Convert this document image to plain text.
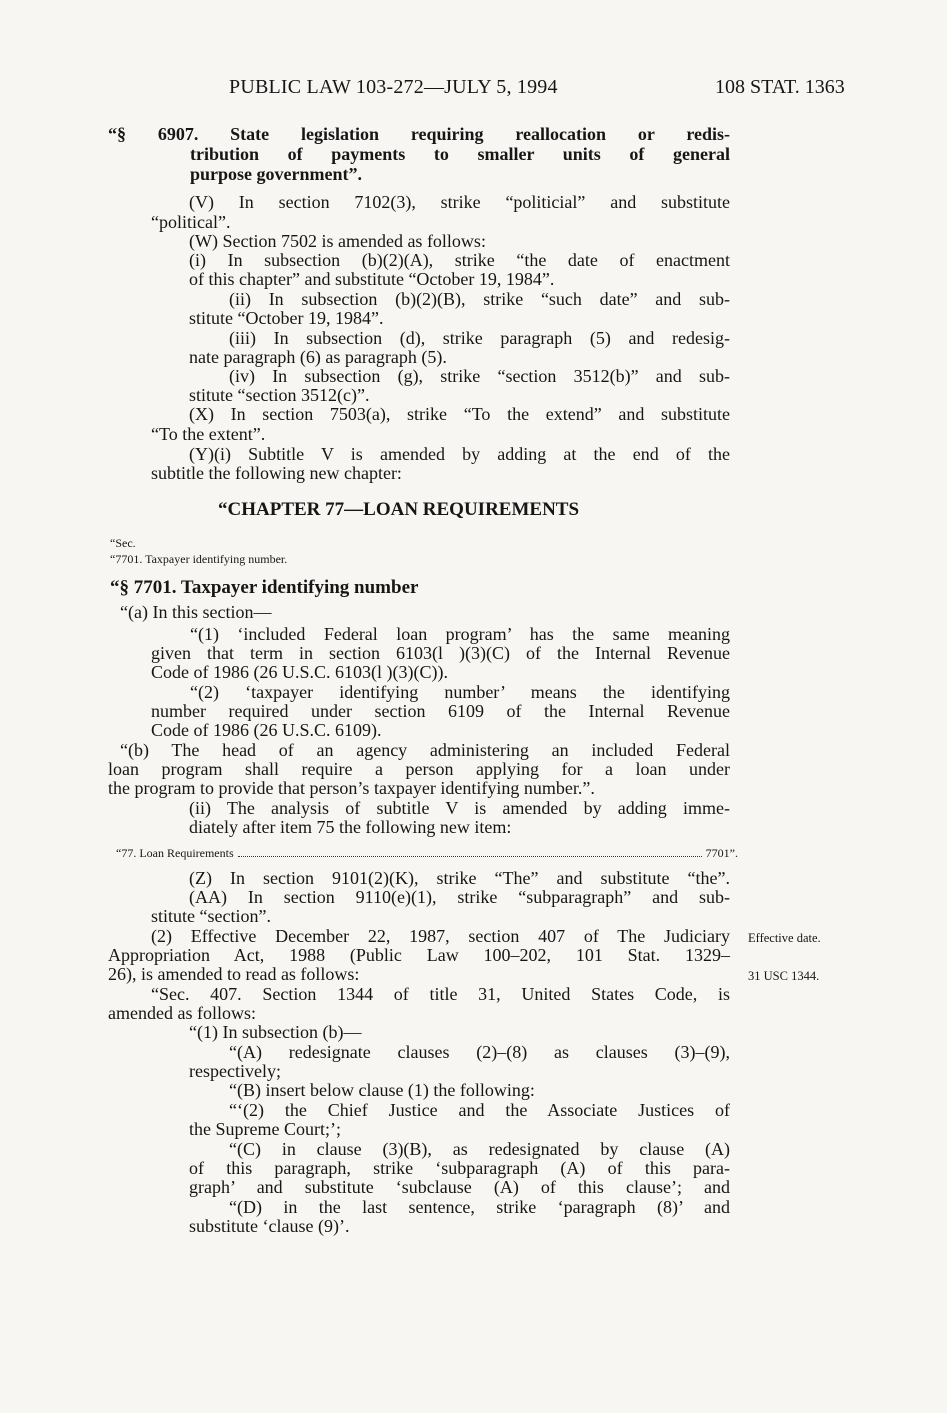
PUBLIC LAW 103-272—JULY 5, 1994	108 STAT. 1363
“§ 6907. State legislation requiring reallocation or redis-
tribution of payments to smaller units of general
purpose government”.
(V) In section 7102(3), strike “politicial” and substitute
“political”.
(W) Section 7502 is amended as follows:
(i) In subsection (b)(2)(A), strike “the date of enactment
of this chapter” and substitute “October 19, 1984”.
(ii) In subsection (b)(2)(B), strike “such date” and sub-
stitute “October 19, 1984”.
(iii) In subsection (d), strike paragraph (5) and redesig-
nate paragraph (6) as paragraph (5).
(iv) In subsection (g), strike “section 3512(b)” and sub-
stitute “section 3512(c)”.
(X) In section 7503(a), strike “To the extend” and substitute
“To the extent”.
(Y)(i) Subtitle V is amended by adding at the end of the
subtitle the following new chapter:
“CHAPTER 77—LOAN REQUIREMENTS
“Sec.
“7701. Taxpayer identifying number.
“§ 7701. Taxpayer identifying number
“(a) In this section—
“(1) ‘included Federal loan program’ has the same meaning
given that term in section 6103(l )(3)(C) of the Internal Revenue
Code of 1986 (26 U.S.C. 6103(l )(3)(C)).
“(2) ‘taxpayer identifying number’ means the identifying
number required under section 6109 of the Internal Revenue
Code of 1986 (26 U.S.C. 6109).
“(b) The head of an agency administering an included Federal
loan program shall require a person applying for a loan under
the program to provide that person’s taxpayer identifying number.”.
(ii) The analysis of subtitle V is amended by adding imme-
diately after item 75 the following new item:
“77. Loan Requirements	7701”.
(Z) In section 9101(2)(K), strike “The” and substitute “the”.
(AA) In section 9110(e)(1), strike “subparagraph” and sub-
stitute “section”.
(2) Effective December 22, 1987, section 407 of The Judiciary
Appropriation Act, 1988 (Public Law 100–202, 101 Stat. 1329–
26), is amended to read as follows:
“Sec. 407. Section 1344 of title 31, United States Code, is
amended as follows:
“(1) In subsection (b)—
“(A) redesignate clauses (2)–(8) as clauses (3)–(9),
respectively;
“(B) insert below clause (1) the following:
“‘(2) the Chief Justice and the Associate Justices of
the Supreme Court;’;
“(C) in clause (3)(B), as redesignated by clause (A)
of this paragraph, strike ‘subparagraph (A) of this para-
graph’ and substitute ‘subclause (A) of this clause’; and
“(D) in the last sentence, strike ‘paragraph (8)’ and
substitute ‘clause (9)’.
Effective date.
31 USC 1344.
